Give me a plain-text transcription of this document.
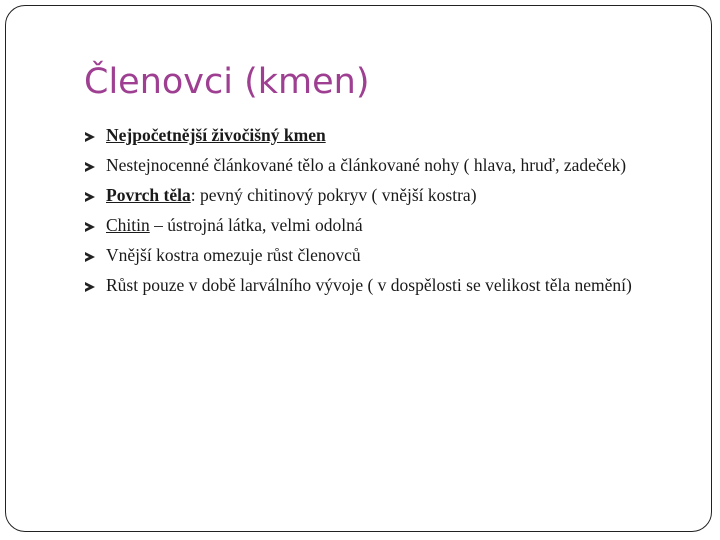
Členovci (kmen)
Nejpočetnější živočišný kmen
Nestejnocenné článkované tělo a článkované nohy ( hlava, hruď, zadeček)
Povrch těla: pevný chitinový pokryv ( vnější kostra)
Chitin – ústrojná látka, velmi odolná
Vnější kostra omezuje růst členovců
Růst pouze v době larválního vývoje ( v dospělosti se velikost těla nemění)
